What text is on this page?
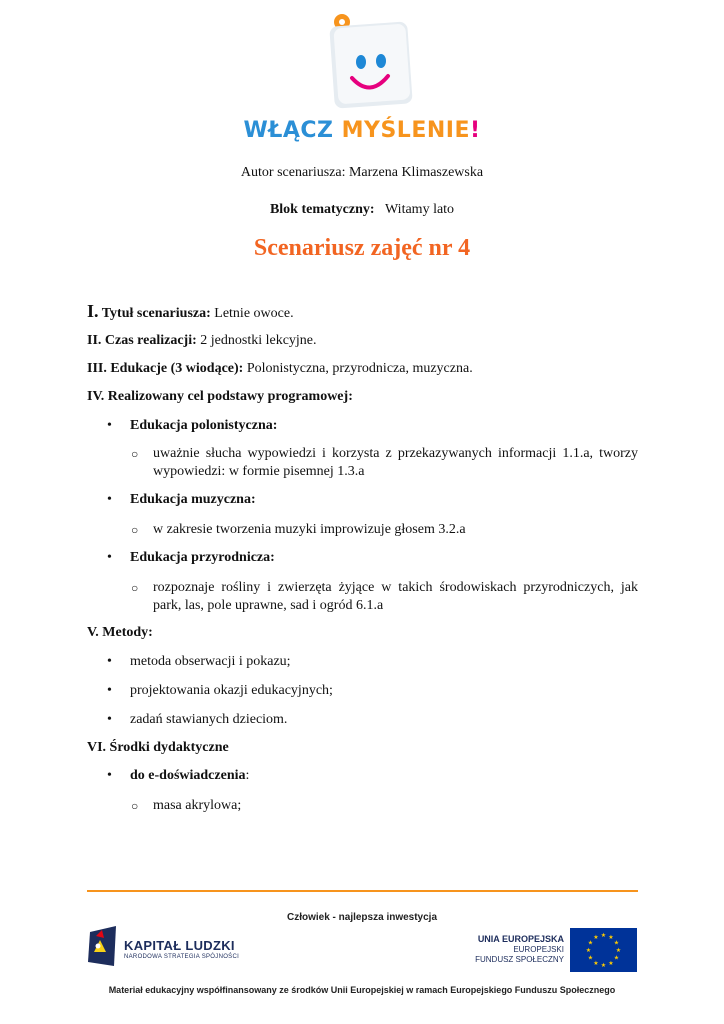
WŁĄCZ MYŚLENIE!
Autor scenariusza: Marzena Klimaszewska
Blok tematyczny: Witamy lato
Scenariusz zajęć nr 4
I. Tytuł scenariusza: Letnie owoce.
II. Czas realizacji: 2 jednostki lekcyjne.
III. Edukacje (3 wiodące): Polonistyczna, przyrodnicza, muzyczna.
IV. Realizowany cel podstawy programowej:
• Edukacja polonistyczna:
○ uważnie słucha wypowiedzi i korzysta z przekazywanych informacji 1.1.a, tworzy wypowiedzi: w formie pisemnej 1.3.a
• Edukacja muzyczna:
○ w zakresie tworzenia muzyki improwizuje głosem 3.2.a
• Edukacja przyrodnicza:
○ rozpoznaje rośliny i zwierzęta żyjące w takich środowiskach przyrodniczych, jak park, las, pole uprawne, sad i ogród 6.1.a
V. Metody:
• metoda obserwacji i pokazu;
• projektowania okazji edukacyjnych;
• zadań stawianych dzieciom.
VI. Środki dydaktyczne
• do e-doświadczenia:
○ masa akrylowa;
Człowiek - najlepsza inwestycja
KAPITAŁ LUDZKI
NARODOWA STRATEGIA SPÓJNOŚCI
UNIA EUROPEJSKA
EUROPEJSKI
FUNDUSZ SPOŁECZNY
★ ★
★
★
★
★
★
★
★
★
★
★
Materiał edukacyjny współfinansowany ze środków Unii Europejskiej w ramach Europejskiego Funduszu Społecznego
